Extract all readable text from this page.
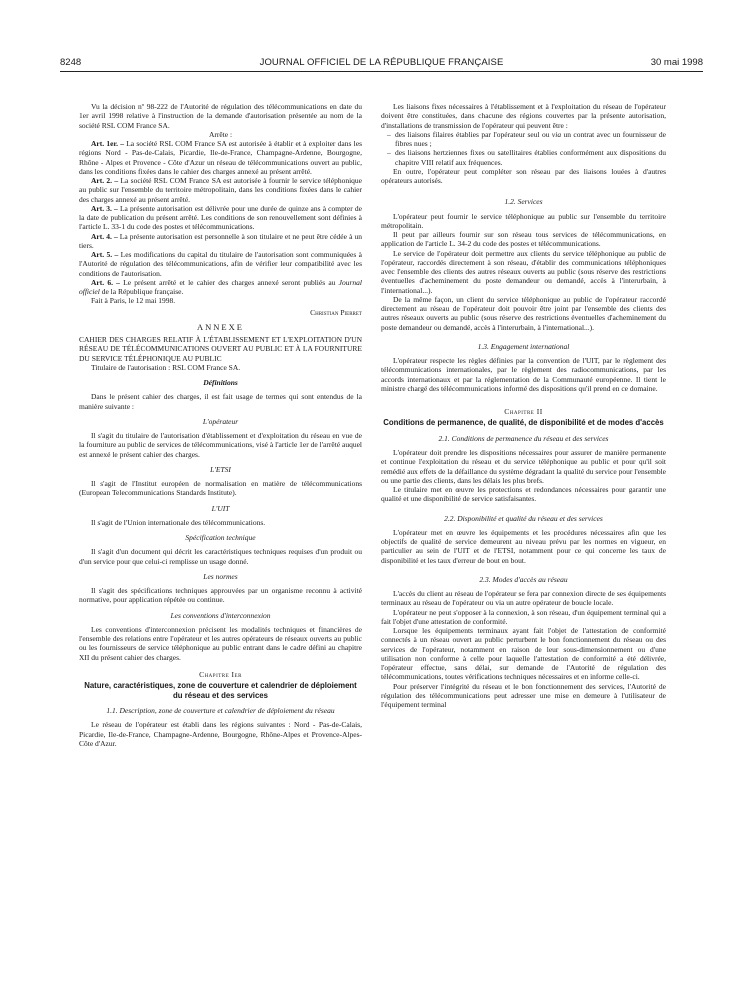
8248	JOURNAL OFFICIEL DE LA RÉPUBLIQUE FRANÇAISE	30 mai 1998

Vu la décision nº 98-222 de l'Autorité de régulation des télécommunications en date du 1er avril 1998 relative à l'instruction de la demande d'autorisation présentée au nom de la société RSL COM France SA.

Arrête :

Art. 1er. – La société RSL COM France SA est autorisée à établir et à exploiter dans les régions Nord - Pas-de-Calais, Picardie, Ile-de-France, Champagne-Ardenne, Bourgogne, Rhône - Alpes et Provence - Côte d'Azur un réseau de télécommunications ouvert au public, dans les conditions fixées dans le cahier des charges annexé au présent arrêté.

Art. 2. – La société RSL COM France SA est autorisée à fournir le service téléphonique au public sur l'ensemble du territoire métropolitain, dans les conditions fixées dans le cahier des charges annexé au présent arrêté.

Art. 3. – La présente autorisation est délivrée pour une durée de quinze ans à compter de la date de publication du présent arrêté. Les conditions de son renouvellement sont définies à l'article L. 33-1 du code des postes et télécommunications.

Art. 4. – La présente autorisation est personnelle à son titulaire et ne peut être cédée à un tiers.

Art. 5. – Les modifications du capital du titulaire de l'autorisation sont communiquées à l'Autorité de régulation des télécommunications, afin de vérifier leur compatibilité avec les conditions de l'autorisation.

Art. 6. – Le présent arrêté et le cahier des charges annexé seront publiés au Journal officiel de la République française.

Fait à Paris, le 12 mai 1998.

Christian Pierret
ANNEXE

CAHIER DES CHARGES RELATIF À L'ÉTABLISSEMENT ET L'EXPLOITATION D'UN RÉSEAU DE TÉLÉCOMMUNICATIONS OUVERT AU PUBLIC ET À LA FOURNITURE DU SERVICE TÉLÉPHONIQUE AU PUBLIC

Titulaire de l'autorisation : RSL COM France SA.

Définitions

Dans le présent cahier des charges, il est fait usage de termes qui sont entendus de la manière suivante :

L'opérateur

Il s'agit du titulaire de l'autorisation d'établissement et d'exploitation du réseau en vue de la fourniture au public de services de télécommunications, visé à l'article 1er de l'arrêté auquel est annexé le présent cahier des charges.

L'ETSI

Il s'agit de l'Institut européen de normalisation en matière de télécommunications (European Telecommunications Standards Institute).

L'UIT

Il s'agit de l'Union internationale des télécommunications.

Spécification technique

Il s'agit d'un document qui décrit les caractéristiques techniques requises d'un produit ou d'un service pour que celui-ci remplisse un usage donné.

Les normes

Il s'agit des spécifications techniques approuvées par un organisme reconnu à activité normative, pour application répétée ou continue.

Les conventions d'interconnexion

Les conventions d'interconnexion précisent les modalités techniques et financières de l'ensemble des relations entre l'opérateur et les autres opérateurs de réseaux ouverts au public ou les fournisseurs de service téléphonique au public entrant dans le cadre défini au chapitre XII du présent cahier des charges.

Chapitre Ier
Nature, caractéristiques, zone de couverture et calendrier de déploiement du réseau et des services
1.1. Description, zone de couverture et calendrier de déploiement du réseau

Le réseau de l'opérateur est établi dans les régions suivantes : Nord - Pas-de-Calais, Picardie, Ile-de-France, Champagne-Ardenne, Bourgogne, Rhône-Alpes et Provence-Alpes-Côte d'Azur.

Les liaisons fixes nécessaires à l'établissement et à l'exploitation du réseau de l'opérateur doivent être constituées, dans chacune des régions couvertes par la présente autorisation, d'installations de transmission de l'opérateur qui peuvent être :

– des liaisons filaires établies par l'opérateur seul ou via un contrat avec un fournisseur de fibres nues ;

– des liaisons hertziennes fixes ou satellitaires établies conformément aux dispositions du chapitre VIII relatif aux fréquences.

En outre, l'opérateur peut compléter son réseau par des liaisons louées à d'autres opérateurs autorisés.

1.2. Services

L'opérateur peut fournir le service téléphonique au public sur l'ensemble du territoire métropolitain.

Il peut par ailleurs fournir sur son réseau tous services de télécommunications, en application de l'article L. 34-2 du code des postes et télécommunications.

Le service de l'opérateur doit permettre aux clients du service téléphonique au public de l'opérateur, raccordés directement à son réseau, d'établir des communications téléphoniques avec l'ensemble des clients des autres réseaux ouverts au public (sous réserve des restrictions éventuelles d'acheminement du poste demandeur ou demandé, accès à l'interurbain, à l'international...).

De la même façon, un client du service téléphonique au public de l'opérateur raccordé directement au réseau de l'opérateur doit pouvoir être joint par l'ensemble des clients des autres réseaux ouverts au public (sous réserve des restrictions éventuelles d'acheminement du poste demandeur ou demandé, accès à l'interurbain, à l'international...).

1.3. Engagement international

L'opérateur respecte les règles définies par la convention de l'UIT, par le règlement des télécommunications internationales, par le règlement des radiocommunications, par les accords internationaux et par la réglementation de la Communauté européenne. Il tient le ministre chargé des télécommunications informé des dispositions qu'il prend en ce domaine.

Chapitre II
Conditions de permanence, de qualité, de disponibilité et de modes d'accès
2.1. Conditions de permanence du réseau et des services

L'opérateur doit prendre les dispositions nécessaires pour assurer de manière permanente et continue l'exploitation du réseau et du service téléphonique au public et pour qu'il soit remédié aux effets de la défaillance du système dégradant la qualité du service pour l'ensemble ou une partie des clients, dans les délais les plus brefs.

Le titulaire met en œuvre les protections et redondances nécessaires pour garantir une qualité et une disponibilité de service satisfaisantes.

2.2. Disponibilité et qualité du réseau et des services

L'opérateur met en œuvre les équipements et les procédures nécessaires afin que les objectifs de qualité de service demeurent au niveau prévu par les normes en vigueur, en particulier au sein de l'UIT et de l'ETSI, notamment pour ce qui concerne les taux de disponibilité et les taux d'erreur de bout en bout.

2.3. Modes d'accès au réseau

L'accès du client au réseau de l'opérateur se fera par connexion directe de ses équipements terminaux au réseau de l'opérateur ou via un autre opérateur de boucle locale.

L'opérateur ne peut s'opposer à la connexion, à son réseau, d'un équipement terminal qui a fait l'objet d'une attestation de conformité.

Lorsque les équipements terminaux ayant fait l'objet de l'attestation de conformité connectés à un réseau ouvert au public perturbent le bon fonctionnement du réseau ou des services de l'opérateur, notamment en raison de leur sous-dimensionnement ou d'une utilisation non conforme à celle pour laquelle l'attestation de conformité a été délivrée, l'opérateur effectue, sans délai, sur demande de l'Autorité de régulation des télécommunications, toutes vérifications techniques nécessaires et en informe celle-ci.

Pour préserver l'intégrité du réseau et le bon fonctionnement des services, l'Autorité de régulation des télécommunications peut adresser une mise en demeure à l'utilisateur de l'équipement terminal
